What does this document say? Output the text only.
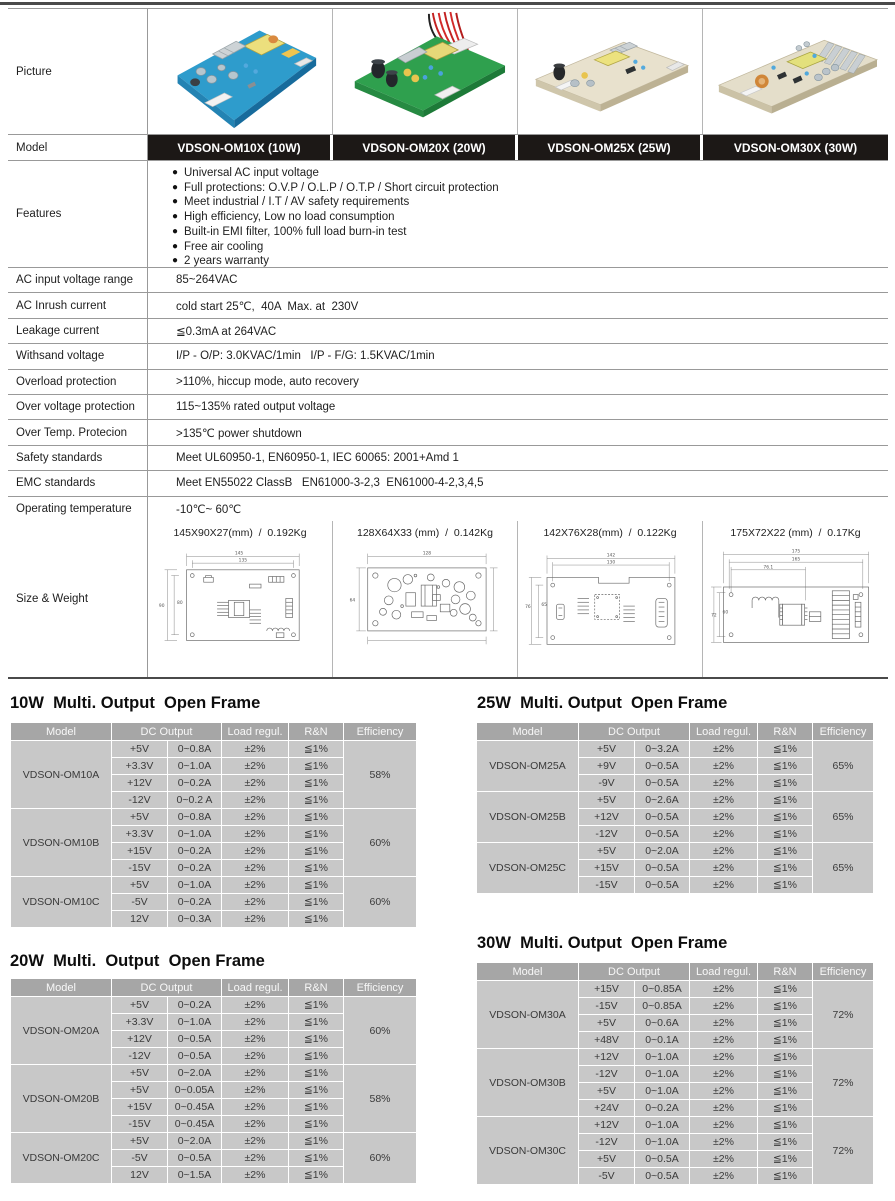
Picture
Model	VDSON-OM10X (10W)	VDSON-OM20X (20W)	VDSON-OM25X (25W)	VDSON-OM30X (30W)
Features
● Universal AC input voltage
● Full protections: O.V.P / O.L.P / O.T.P / Short circuit protection
● Meet industrial / I.T / AV safety requirements
● High efficiency, Low no load consumption
● Built-in EMI filter, 100% full load burn-in test
● Free air cooling
● 2 years warranty
AC input voltage range	85~264VAC
AC Inrush current	cold start 25℃,  40A  Max. at  230V
Leakage current	≦0.3mA at 264VAC
Withsand voltage	I/P - O/P: 3.0KVAC/1min   I/P - F/G: 1.5KVAC/1min
Overload protection	>110%, hiccup mode, auto recovery
Over voltage protection	115~135% rated output voltage
Over Temp. Protecion	>135℃ power shutdown
Safety standards	Meet UL60950-1, EN60950-1, IEC 60065: 2001+Amd 1
EMC standards	Meet EN55022 ClassB   EN61000-3-2,3  EN61000-4-2,3,4,5
Operating temperature	-10℃~ 60℃
Size & Weight
145X90X27(mm)  /  0.192Kg
145
135
90
80
128X64X33 (mm)  /  0.142Kg
128
64
142X76X28(mm)  /  0.122Kg
142
130
76 65
175X72X22 (mm)  /  0.17Kg
175
165
76.1
72
60
10W  Multi. Output  Open Frame	25W  Multi. Output  Open Frame
20W  Multi.  Output  Open Frame
30W  Multi. Output  Open Frame
Model	DC Output		Load regul.	R&N	Efficiency
VDSON-OM10A	+5V	0~0.8A	±2%	≦1%	58%
	+3.3V	0~1.0A	±2%	≦1%	
	+12V	0~0.2A	±2%	≦1%	
	-12V	0~0.2 A	±2%	≦1%	
VDSON-OM10B	+5V	0~0.8A	±2%	≦1%	60%
	+3.3V	0~1.0A	±2%	≦1%	
	+15V	0~0.2A	±2%	≦1%	
	-15V	0~0.2A	±2%	≦1%	
VDSON-OM10C	+5V	0~1.0A	±2%	≦1%	60%
	-5V	0~0.2A	±2%	≦1%	
	12V	0~0.3A	±2%	≦1%	
Model	DC Output		Load regul.	R&N	Efficiency
VDSON-OM25A	+5V	0~3.2A	±2%	≦1%	65%
	+9V	0~0.5A	±2%	≦1%	
	-9V	0~0.5A	±2%	≦1%	
VDSON-OM25B	+5V	0~2.6A	±2%	≦1%	65%
	+12V	0~0.5A	±2%	≦1%	
	-12V	0~0.5A	±2%	≦1%	
VDSON-OM25C	+5V	0~2.0A	±2%	≦1%	65%
	+15V	0~0.5A	±2%	≦1%	
	-15V	0~0.5A	±2%	≦1%	
Model	DC Output		Load regul.	R&N	Efficiency
VDSON-OM20A	+5V	0~0.2A	±2%	≦1%	60%
	+3.3V	0~1.0A	±2%	≦1%	
	+12V	0~0.5A	±2%	≦1%	
	-12V	0~0.5A	±2%	≦1%	
VDSON-OM20B	+5V	0~2.0A	±2%	≦1%	58%
	+5V	0~0.05A	±2%	≦1%	
	+15V	0~0.45A	±2%	≦1%	
	-15V	0~0.45A	±2%	≦1%	
VDSON-OM20C	+5V	0~2.0A	±2%	≦1%	60%
	-5V	0~0.5A	±2%	≦1%	
	12V	0~1.5A	±2%	≦1%	
Model	DC Output		Load regul.	R&N	Efficiency
VDSON-OM30A	+15V	0~0.85A	±2%	≦1%	72%
	-15V	0~0.85A	±2%	≦1%	
	+5V	0~0.6A	±2%	≦1%	
	+48V	0~0.1A	±2%	≦1%	
VDSON-OM30B	+12V	0~1.0A	±2%	≦1%	72%
	-12V	0~1.0A	±2%	≦1%	
	+5V	0~1.0A	±2%	≦1%	
	+24V	0~0.2A	±2%	≦1%	
VDSON-OM30C	+12V	0~1.0A	±2%	≦1%	72%
	-12V	0~1.0A	±2%	≦1%	
	+5V	0~0.5A	±2%	≦1%	
	-5V	0~0.5A	±2%	≦1%	
